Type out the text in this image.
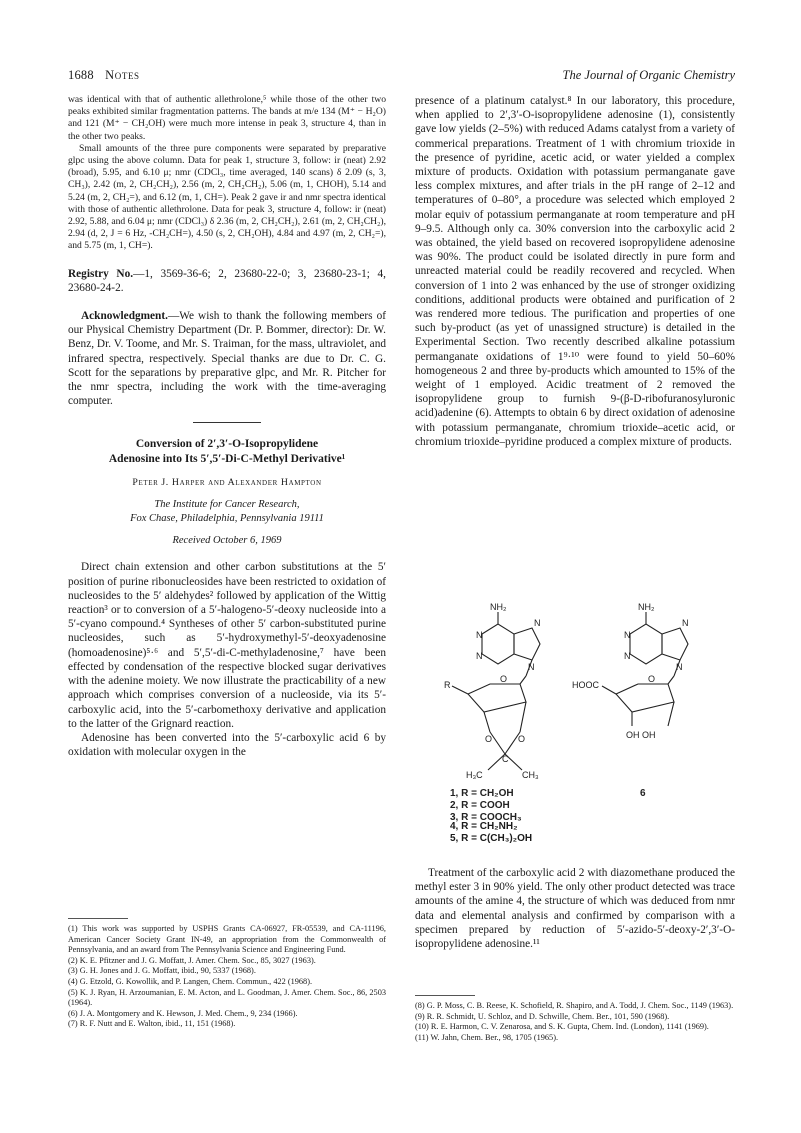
1688 Notes	The Journal of Organic Chemistry

was identical with that of authentic allethrolone,⁵ while those of the other two peaks exhibited similar fragmentation patterns. The bands at m/e 134 (M⁺ − H₂O) and 121 (M⁺ − CH₂OH) were much more intense in peak 3, structure 4, than in the other two peaks.

Small amounts of the three pure components were separated by preparative glpc using the above column. Data for peak 1, structure 3, follow: ir (neat) 2.92 (broad), 5.95, and 6.10 μ; nmr (CDCl₃, time averaged, 140 scans) δ 2.09 (s, 3, CH₃), 2.42 (m, 2, CH₂CH₂), 2.56 (m, 2, CH₂CH₂), 5.06 (m, 1, CHOH), 5.14 and 5.24 (m, 2, CH₂=), and 6.12 (m, 1, CH=). Peak 2 gave ir and nmr spectra identical with those of authentic allethrolone. Data for peak 3, structure 4, follow: ir (neat) 2.92, 5.88, and 6.04 μ; nmr (CDCl₃) δ 2.36 (m, 2, CH₂CH₂), 2.61 (m, 2, CH₂CH₂), 2.94 (d, 2, J = 6 Hz, -CH₂CH=), 4.50 (s, 2, CH₂OH), 4.84 and 4.97 (m, 2, CH₂=), and 5.75 (m, 1, CH=).

Registry No.—1, 3569-36-6; 2, 23680-22-0; 3, 23680-23-1; 4, 23680-24-2.

Acknowledgment.—We wish to thank the following members of our Physical Chemistry Department (Dr. P. Bommer, director): Dr. W. Benz, Dr. V. Toome, and Mr. S. Traiman, for the mass, ultraviolet, and infrared spectra, respectively. Special thanks are due to Dr. C. G. Scott for the separations by preparative glpc, and Mr. R. Pitcher for the nmr spectra, including the work with the time-averaging computer.

Conversion of 2′,3′-O-Isopropylidene
Adenosine into Its 5′,5′-Di-C-Methyl Derivative¹

Peter J. Harper and Alexander Hampton

The Institute for Cancer Research,
Fox Chase, Philadelphia, Pennsylvania 19111

Received October 6, 1969

Direct chain extension and other carbon substitutions at the 5′ position of purine ribonucleosides have been restricted to oxidation of nucleosides to the 5′ aldehydes² followed by application of the Wittig reaction³ or to conversion of a 5′-halogeno-5′-deoxy nucleoside into a 5′-cyano compound.⁴ Syntheses of other 5′ carbon-substituted purine nucleosides, such as 5′-hydroxymethyl-5′-deoxyadenosine (homoadenosine)⁵·⁶ and 5′,5′-di-C-methyladenosine,⁷ have been effected by condensation of the respective blocked sugar derivatives with the adenine moiety. We now illustrate the practicability of a new approach which comprises conversion of a nucleoside, via its 5′-carboxylic acid, into the 5′-carbomethoxy derivative and application to the latter of the Grignard reaction.

Adenosine has been converted into the 5′-carboxylic acid 6 by oxidation with molecular oxygen in the

(1) This work was supported by USPHS Grants CA-06927, FR-05539, and CA-11196, American Cancer Society Grant IN-49, an appropriation from the Commonwealth of Pennsylvania, and an award from The Pennsylvania Science and Engineering Fund.

(2) K. E. Pfitzner and J. G. Moffatt, J. Amer. Chem. Soc., 85, 3027 (1963).

(3) G. H. Jones and J. G. Moffatt, ibid., 90, 5337 (1968).

(4) G. Etzold, G. Kowollik, and P. Langen, Chem. Commun., 422 (1968).

(5) K. J. Ryan, H. Arzoumanian, E. M. Acton, and L. Goodman, J. Amer. Chem. Soc., 86, 2503 (1964).

(6) J. A. Montgomery and K. Hewson, J. Med. Chem., 9, 234 (1966).

(7) R. F. Nutt and E. Walton, ibid., 11, 151 (1968).

presence of a platinum catalyst.⁸ In our laboratory, this procedure, when applied to 2′,3′-O-isopropylidene adenosine (1), consistently gave low yields (2–5%) with reduced Adams catalyst from a variety of commerical preparations. Treatment of 1 with chromium trioxide in the presence of pyridine, acetic acid, or water yielded a complex mixture of products. Oxidation with potassium permanganate gave less complex mixtures, and after trials in the pH range of 2–12 and temperatures of 0–80°, a procedure was selected which employed 2 molar equiv of potassium permanganate at room temperature and pH 9–9.5. Although only ca. 30% conversion into the carboxylic acid 2 was obtained, the yield based on recovered isopropylidene adenosine was 90%. The product could be isolated directly in pure form and unreacted material could be readily recovered and recycled. When conversion of 1 into 2 was enhanced by the use of stronger oxidizing conditions, additional products were obtained and purification of 2 was rendered more tedious. The purification and properties of one such by-product (as yet of unassigned structure) is detailed in the Experimental Section. Two recently described alkaline potassium permanganate oxidations of 1⁹·¹⁰ were found to yield 50–60% homogeneous 2 and three by-products which amounted to 15% of the weight of 1 employed. Acidic treatment of 2 removed the isopropylidene group to furnish 9-(β-D-ribofuranosyluronic acid)adenine (6). Attempts to obtain 6 by direct oxidation of adenosine with potassium permanganate, chromium trioxide–acetic acid, or chromium trioxide–pyridine produced a complex mixture of products.

NH₂
N
N
N
N
R
O
O	O
C
H₃C	CH₃
NH₂
N
N
N
N
HOOC
O
OH OH
1, R = CH₂OH
2, R = COOH
3, R = COOCH₃
6
4, R = CH₂NH₂
5, R = C(CH₃)₂OH

Treatment of the carboxylic acid 2 with diazomethane produced the methyl ester 3 in 90% yield. The only other product detected was trace amounts of the amine 4, the structure of which was deduced from nmr data and elemental analysis and confirmed by comparison with a specimen prepared by reduction of 5′-azido-5′-deoxy-2′,3′-O-isopropylidene adenosine.¹¹

(8) G. P. Moss, C. B. Reese, K. Schofield, R. Shapiro, and A. Todd, J. Chem. Soc., 1149 (1963).

(9) R. R. Schmidt, U. Schloz, and D. Schwille, Chem. Ber., 101, 590 (1968).

(10) R. E. Harmon, C. V. Zenarosa, and S. K. Gupta, Chem. Ind. (London), 1141 (1969).

(11) W. Jahn, Chem. Ber., 98, 1705 (1965).
